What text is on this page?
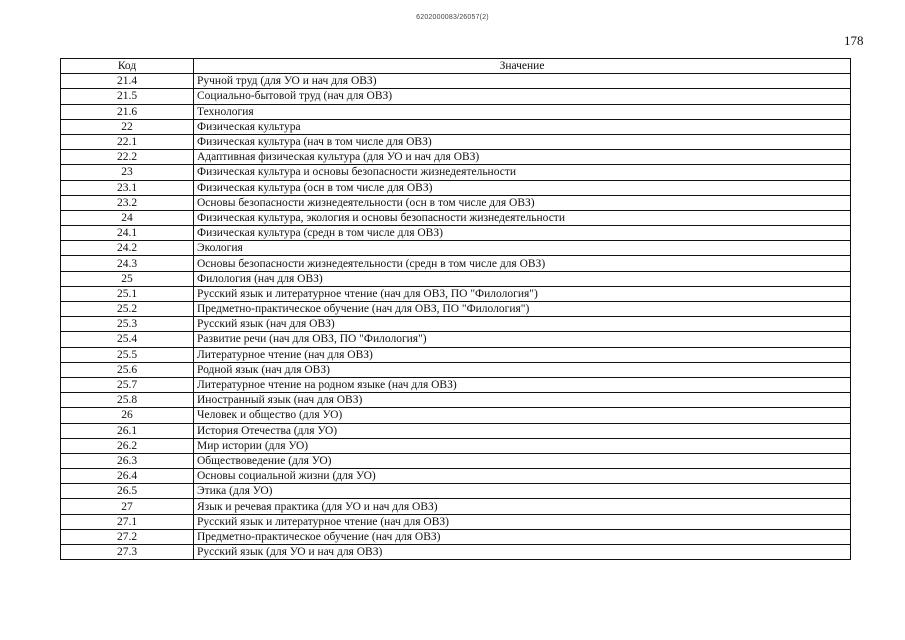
6202000083/26057(2)
178
Код	Значение
21.4	Ручной труд (для УО и нач для ОВЗ)
21.5	Социально-бытовой труд (нач для ОВЗ)
21.6	Технология
22	Физическая культура
22.1	Физическая культура (нач в том числе для ОВЗ)
22.2	Адаптивная физическая культура (для УО и нач для ОВЗ)
23	Физическая культура и основы безопасности жизнедеятельности
23.1	Физическая культура (осн в том числе для ОВЗ)
23.2	Основы безопасности жизнедеятельности (осн в том числе для ОВЗ)
24	Физическая культура, экология и основы безопасности жизнедеятельности
24.1	Физическая культура (средн в том числе для ОВЗ)
24.2	Экология
24.3	Основы безопасности жизнедеятельности (средн в том числе для ОВЗ)
25	Филология (нач для ОВЗ)
25.1	Русский язык и литературное чтение (нач для ОВЗ, ПО "Филология")
25.2	Предметно-практическое обучение (нач для ОВЗ, ПО "Филология")
25.3	Русский язык (нач для ОВЗ)
25.4	Развитие речи (нач для ОВЗ, ПО "Филология")
25.5	Литературное чтение (нач для ОВЗ)
25.6	Родной язык (нач для ОВЗ)
25.7	Литературное чтение на родном языке (нач для ОВЗ)
25.8	Иностранный язык (нач для ОВЗ)
26	Человек и общество (для УО)
26.1	История Отечества (для УО)
26.2	Мир истории (для УО)
26.3	Обществоведение (для УО)
26.4	Основы социальной жизни (для УО)
26.5	Этика (для УО)
27	Язык и речевая практика (для УО и нач для ОВЗ)
27.1	Русский язык и литературное чтение (нач для ОВЗ)
27.2	Предметно-практическое обучение (нач для ОВЗ)
27.3	Русский язык (для УО и нач для ОВЗ)
